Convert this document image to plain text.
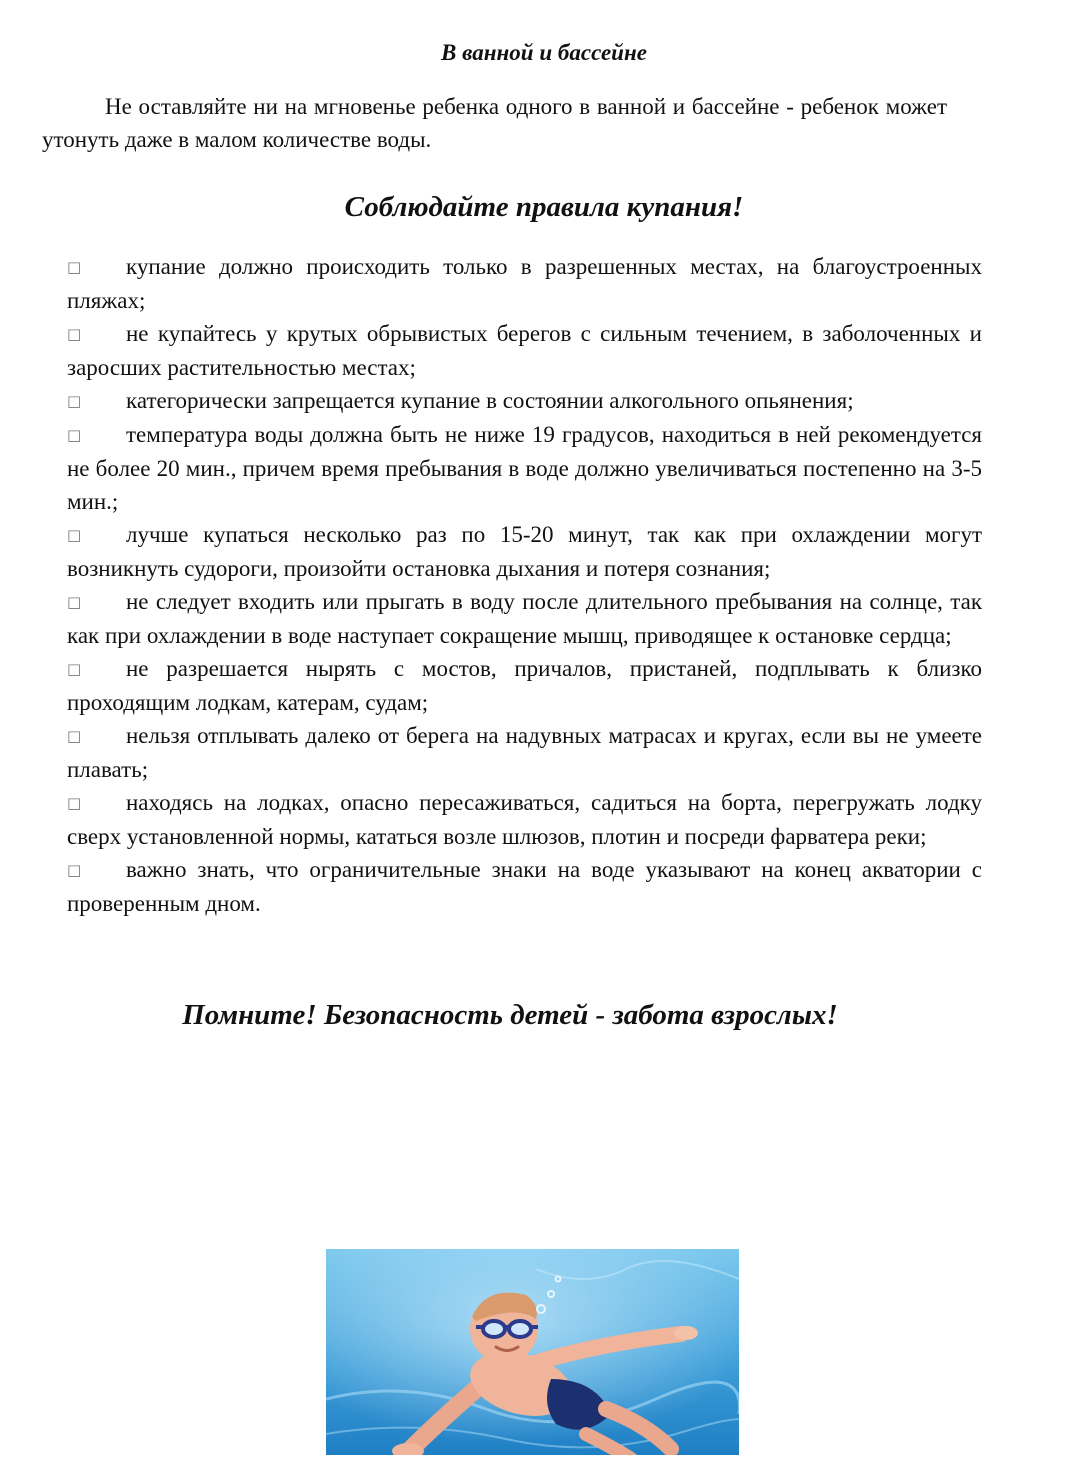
В ванной и бассейне

Не оставляйте ни на мгновенье ребенка одного в ванной и бассейне - ребенок может утонуть даже в малом количестве воды.

Соблюдайте правила купания!
□ купание должно происходить только в разрешенных местах, на благоустроенных пляжах;
□ не купайтесь у крутых обрывистых берегов с сильным течением, в заболоченных и заросших растительностью местах;
□ категорически запрещается купание в состоянии алкогольного опьянения;
□ температура воды должна быть не ниже 19 градусов, находиться в ней рекомендуется не более 20 мин., причем время пребывания в воде должно увеличиваться постепенно на 3-5 мин.;
□ лучше купаться несколько раз по 15-20 минут, так как при охлаждении могут возникнуть судороги, произойти остановка дыхания и потеря сознания;
□ не следует входить или прыгать в воду после длительного пребывания на солнце, так как при охлаждении в воде наступает сокращение мышц, приводящее к остановке сердца;
□ не разрешается нырять с мостов, причалов, пристаней, подплывать к близко проходящим лодкам, катерам, судам;
□ нельзя отплывать далеко от берега на надувных матрасах и кругах, если вы не умеете плавать;
□ находясь на лодках, опасно пересаживаться, садиться на борта, перегружать лодку сверх установленной нормы, кататься возле шлюзов, плотин и посреди фарватера реки;
□ важно знать, что ограничительные знаки на воде указывают на конец акватории с проверенным дном.
Помните! Безопасность детей - забота взрослых!
